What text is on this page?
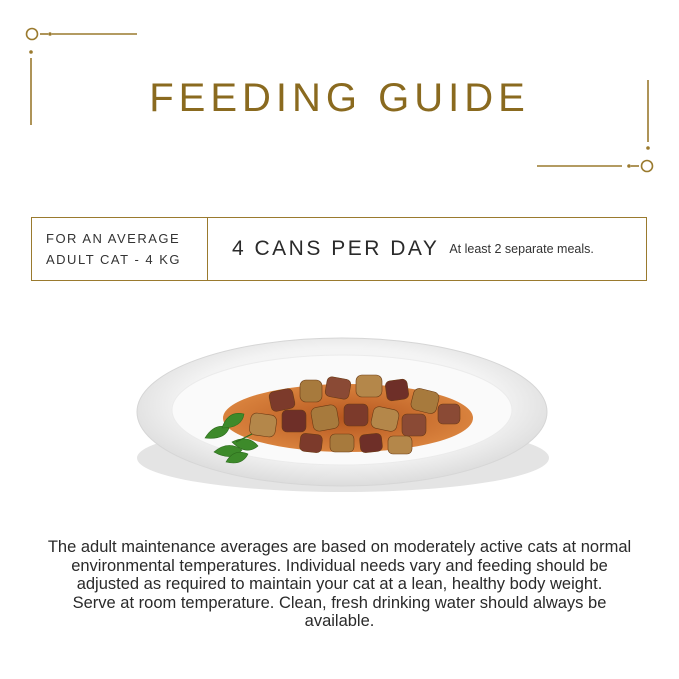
FEEDING GUIDE
FOR AN AVERAGE
ADULT CAT - 4 KG	4 CANS PER DAY At least 2 separate meals.

The adult maintenance averages are based on moderately active cats at normal environmental temperatures. Individual needs vary and feeding should be adjusted as required to maintain your cat at a lean, healthy body weight.

Serve at room temperature. Clean, fresh drinking water should always be available.
